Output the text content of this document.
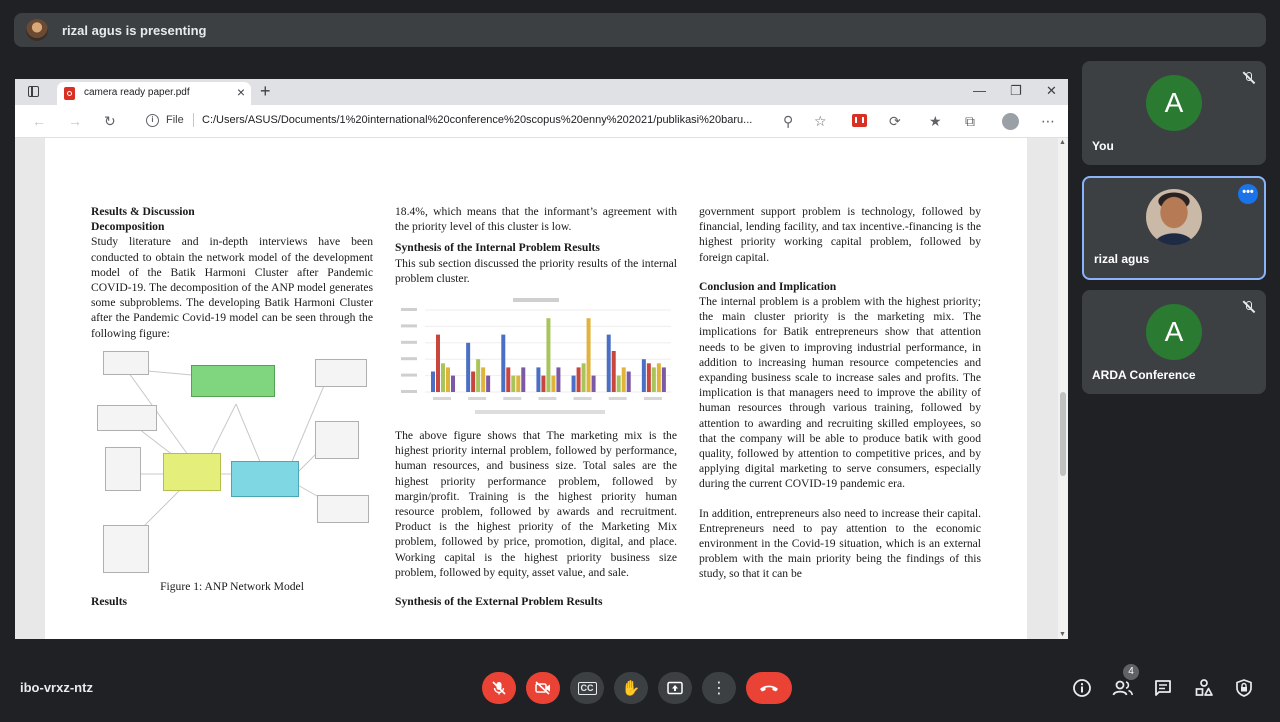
rizal agus is presenting
camera ready paper.pdf	× +	— ❐ ✕
← → ↻	i	File C:/Users/ASUS/Documents/1%20international%20conference%20scopus%20enny%202021/publikasi%20baru...	⚲ ☆	⟳ ★ ⧉	⋯
Results & Discussion
Decomposition

Study literature and in-depth interviews have been conducted to obtain the network model of the development model of the Batik Harmoni Cluster after Pandemic COVID-19. The decomposition of the ANP model generates some subproblems. The developing Batik Harmoni Cluster after the Pandemic Covid-19 model can be seen through the following figure:

Figure 1: ANP Network Model

Results

18.4%, which means that the informant’s agreement with the priority level of this cluster is low.

Synthesis of the Internal Problem Results

This sub section discussed the priority results of the internal problem cluster.

The above figure shows that The marketing mix is the highest priority internal problem, followed by performance, human resources, and business size. Total sales are the highest priority performance problem, followed by margin/profit. Training is the highest priority human resource problem, followed by awards and recruitment. Product is the highest priority of the Marketing Mix problem, followed by price, promotion, digital, and place. Working capital is the highest priority business size problem, followed by equity, asset value, and sale.

Synthesis of the External Problem Results

government support problem is technology, followed by financial, lending facility, and tax incentive.-financing is the highest priority working capital problem, followed by foreign capital.

Conclusion and Implication

The internal problem is a problem with the highest priority; the main cluster priority is the marketing mix. The implications for Batik entrepreneurs show that attention needs to be given to improving industrial performance, in addition to increasing human resource competencies and expanding business scale to increase sales and profits. The implication is that managers need to improve the ability of human resources through various training, followed by attention to awarding and recruiting skilled employees, so that the company will be able to produce batik with good quality, followed by attention to competitive prices, and by applying digital marketing to serve consumers, especially during the current COVID-19 pandemic era.

In addition, entrepreneurs also need to increase their capital. Entrepreneurs need to pay attention to the economic environment in the Covid-19 situation, which is an external problem with the main priority being the findings of this study, so that it can be

▲
▼
A
You
•••
rizal agus
A
ARDA Conference
ibo-vrxz-ntz	CC ✋	⋮
4
